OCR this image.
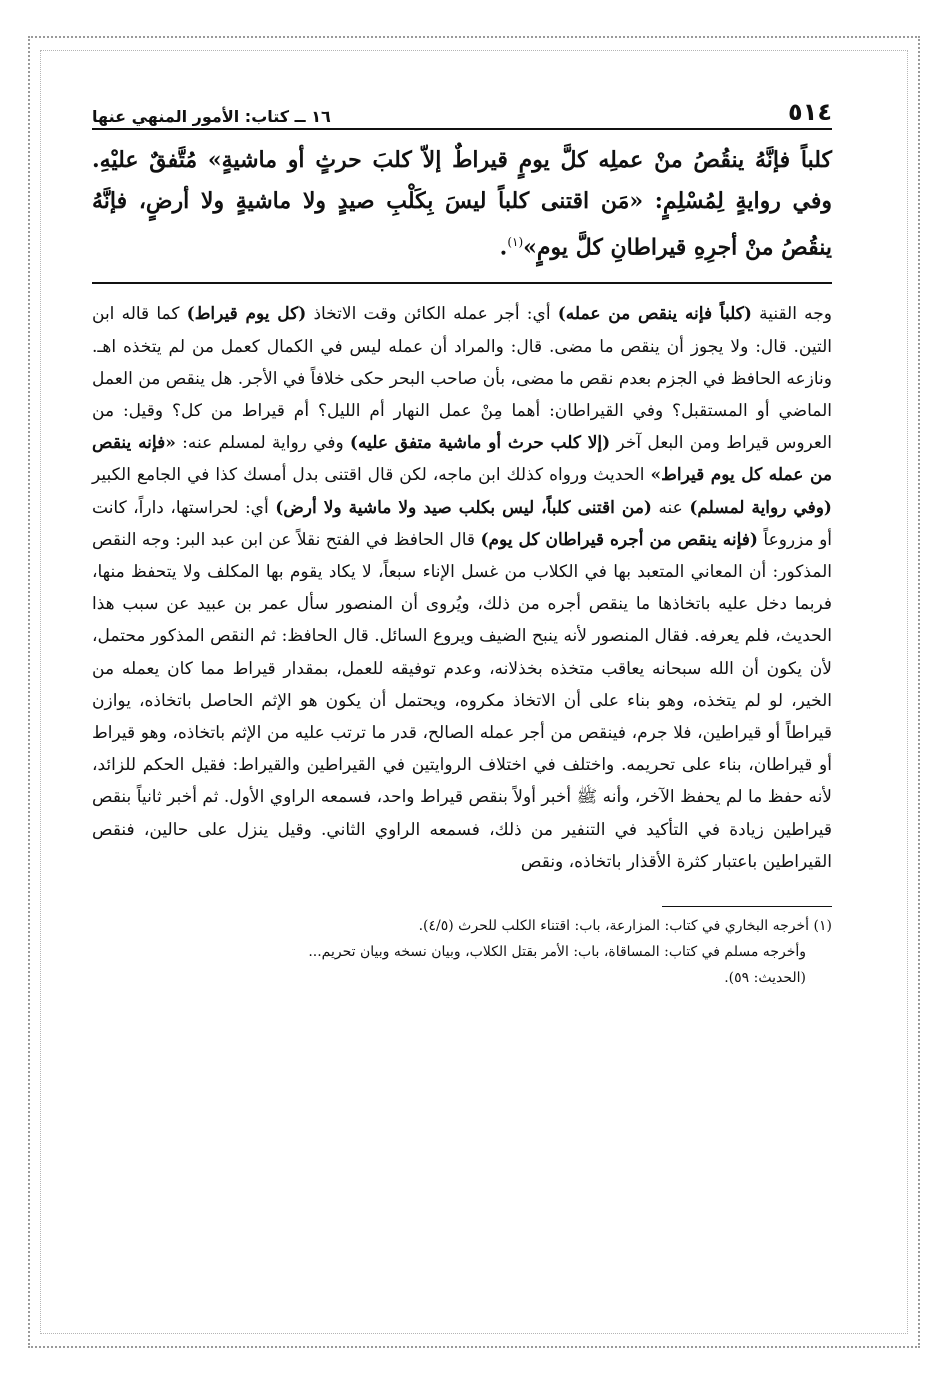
٥١٤
١٦ ــ كتاب: الأمور المنهي عنها

كلباً فإنَّهُ ينقُصُ منْ عملِه كلَّ يومٍ قيراطٌ إلاّ كلبَ حرثٍ أو ماشيةٍ» مُتَّفقٌ عليْهِ. وفي روايةٍ لِمُسْلِمٍ: «مَن اقتنى كلباً ليسَ بِكَلْبِ صيدٍ ولا ماشيةٍ ولا أرضٍ، فإنَّهُ ينقُصُ منْ أجرِهِ قيراطانِ كلَّ يومٍ»$^{(١)}$.

وجه القنية (كلباً فإنه ينقص من عمله) أي: أجر عمله الكائن وقت الاتخاذ (كل يوم قيراط) كما قاله ابن التين. قال: ولا يجوز أن ينقص ما مضى. قال: والمراد أن عمله ليس في الكمال كعمل من لم يتخذه اهـ. ونازعه الحافظ في الجزم بعدم نقص ما مضى، بأن صاحب البحر حكى خلافاً في الأجر. هل ينقص من العمل الماضي أو المستقبل؟ وفي القيراطان: أهما مِنْ عمل النهار أم الليل؟ أم قيراط من كل؟ وقيل: من العروس قيراط ومن البعل آخر (إلا كلب حرث أو ماشية متفق عليه) وفي رواية لمسلم عنه: «فإنه ينقص من عمله كل يوم قيراط» الحديث ورواه كذلك ابن ماجه، لكن قال اقتنى بدل أمسك كذا في الجامع الكبير (وفي رواية لمسلم) عنه (من اقتنى كلباً، ليس بكلب صيد ولا ماشية ولا أرض) أي: لحراستها، داراً، كانت أو مزروعاً (فإنه ينقص من أجره قيراطان كل يوم) قال الحافظ في الفتح نقلاً عن ابن عبد البر: وجه النقص المذكور: أن المعاني المتعبد بها في الكلاب من غسل الإناء سبعاً، لا يكاد يقوم بها المكلف ولا يتحفظ منها، فربما دخل عليه باتخاذها ما ينقص أجره من ذلك، ويُروى أن المنصور سأل عمر بن عبيد عن سبب هذا الحديث، فلم يعرفه. فقال المنصور لأنه ينبح الضيف ويروع السائل. قال الحافظ: ثم النقص المذكور محتمل، لأن يكون أن الله سبحانه يعاقب متخذه بخذلانه، وعدم توفيقه للعمل، بمقدار قيراط مما كان يعمله من الخير، لو لم يتخذه، وهو بناء على أن الاتخاذ مكروه، ويحتمل أن يكون هو الإثم الحاصل باتخاذه، يوازن قيراطاً أو قيراطين، فلا جرم، فينقص من أجر عمله الصالح، قدر ما ترتب عليه من الإثم باتخاذه، وهو قيراط أو قيراطان، بناء على تحريمه. واختلف في اختلاف الروايتين في القيراطين والقيراط: فقيل الحكم للزائد، لأنه حفظ ما لم يحفظ الآخر، وأنه ﷺ أخبر أولاً بنقص قيراط واحد، فسمعه الراوي الأول. ثم أخبر ثانياً بنقص قيراطين زيادة في التأكيد في التنفير من ذلك، فسمعه الراوي الثاني. وقيل ينزل على حالين، فنقص القيراطين باعتبار كثرة الأقذار باتخاذه، ونقص

(١) أخرجه البخاري في كتاب: المزارعة، باب: اقتناء الكلب للحرث (٤/٥).

وأخرجه مسلم في كتاب: المساقاة، باب: الأمر بقتل الكلاب، وبيان نسخه وبيان تحريم...

(الحديث: ٥٩).
